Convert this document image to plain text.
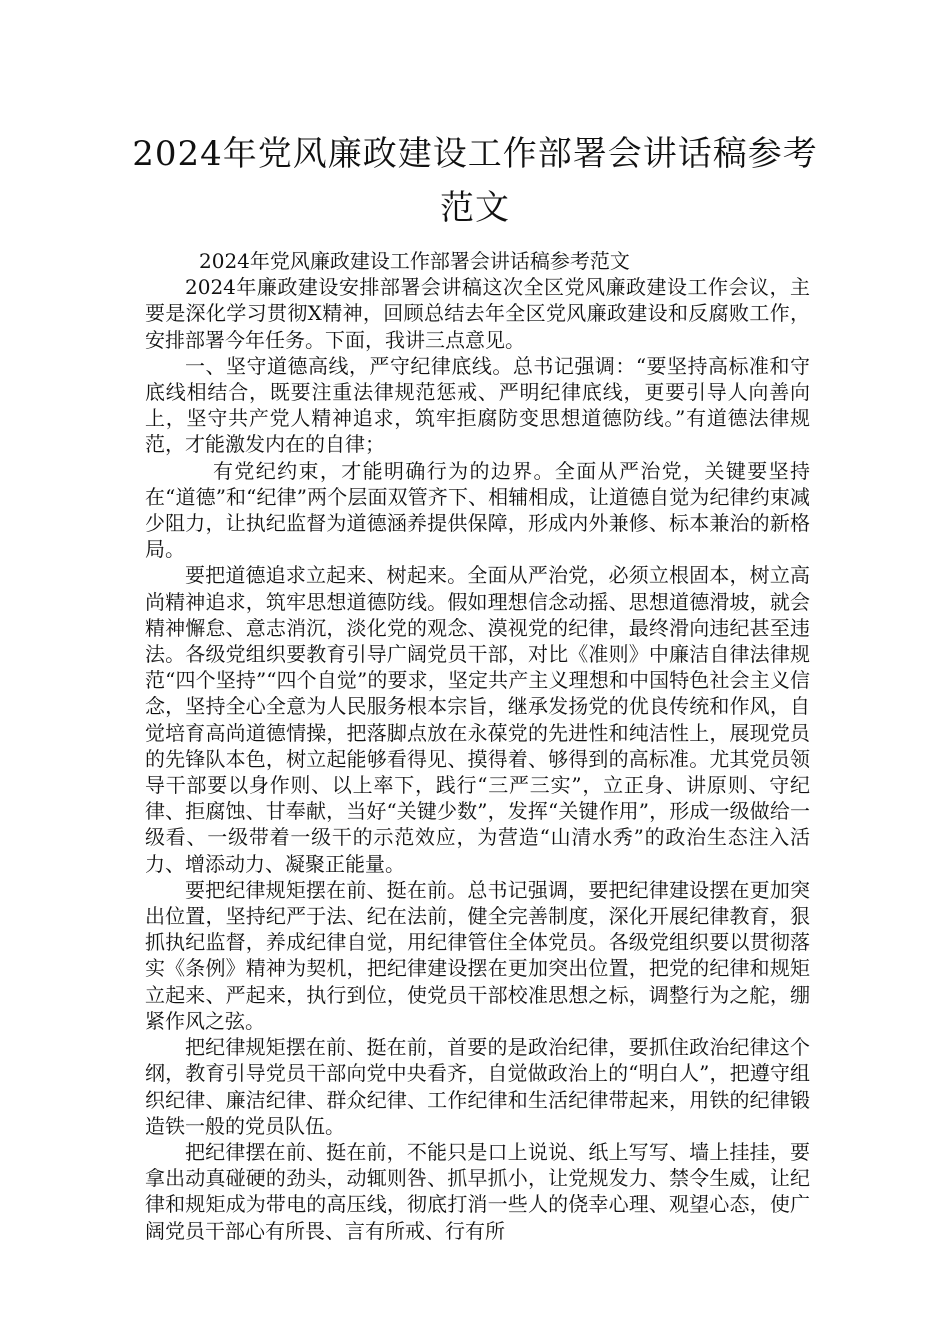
2024年党风廉政建设工作部署会讲话稿参考范文

2024年党风廉政建设工作部署会讲话稿参考范文

2024年廉政建设安排部署会讲稿这次全区党风廉政建设工作会议，主要是深化学习贯彻X精神，回顾总结去年全区党风廉政建设和反腐败工作，安排部署今年任务。下面，我讲三点意见。

一、坚守道德高线，严守纪律底线。总书记强调：“要坚持高标准和守底线相结合，既要注重法律规范惩戒、严明纪律底线，更要引导人向善向上，坚守共产党人精神追求，筑牢拒腐防变思想道德防线。”有道德法律规范，才能激发内在的自律；

有党纪约束，才能明确行为的边界。全面从严治党，关键要坚持在“道德”和“纪律”两个层面双管齐下、相辅相成，让道德自觉为纪律约束减少阻力，让执纪监督为道德涵养提供保障，形成内外兼修、标本兼治的新格局。

要把道德追求立起来、树起来。全面从严治党，必须立根固本，树立高尚精神追求，筑牢思想道德防线。假如理想信念动摇、思想道德滑坡，就会精神懈怠、意志消沉，淡化党的观念、漠视党的纪律，最终滑向违纪甚至违法。各级党组织要教育引导广阔党员干部，对比《准则》中廉洁自律法律规范“四个坚持”“四个自觉”的要求，坚定共产主义理想和中国特色社会主义信念，坚持全心全意为人民服务根本宗旨，继承发扬党的优良传统和作风，自觉培育高尚道德情操，把落脚点放在永葆党的先进性和纯洁性上，展现党员的先锋队本色，树立起能够看得见、摸得着、够得到的高标准。尤其党员领导干部要以身作则、以上率下，践行“三严三实”，立正身、讲原则、守纪律、拒腐蚀、甘奉献，当好“关键少数”，发挥“关键作用”，形成一级做给一级看、一级带着一级干的示范效应，为营造“山清水秀”的政治生态注入活力、增添动力、凝聚正能量。

要把纪律规矩摆在前、挺在前。总书记强调，要把纪律建设摆在更加突出位置，坚持纪严于法、纪在法前，健全完善制度，深化开展纪律教育，狠抓执纪监督，养成纪律自觉，用纪律管住全体党员。各级党组织要以贯彻落实《条例》精神为契机，把纪律建设摆在更加突出位置，把党的纪律和规矩立起来、严起来，执行到位，使党员干部校准思想之标，调整行为之舵，绷紧作风之弦。

把纪律规矩摆在前、挺在前，首要的是政治纪律，要抓住政治纪律这个纲，教育引导党员干部向党中央看齐，自觉做政治上的“明白人”，把遵守组织纪律、廉洁纪律、群众纪律、工作纪律和生活纪律带起来，用铁的纪律锻造铁一般的党员队伍。

把纪律摆在前、挺在前，不能只是口上说说、纸上写写、墙上挂挂，要拿出动真碰硬的劲头，动辄则咎、抓早抓小，让党规发力、禁令生威，让纪律和规矩成为带电的高压线，彻底打消一些人的侥幸心理、观望心态，使广阔党员干部心有所畏、言有所戒、行有所
